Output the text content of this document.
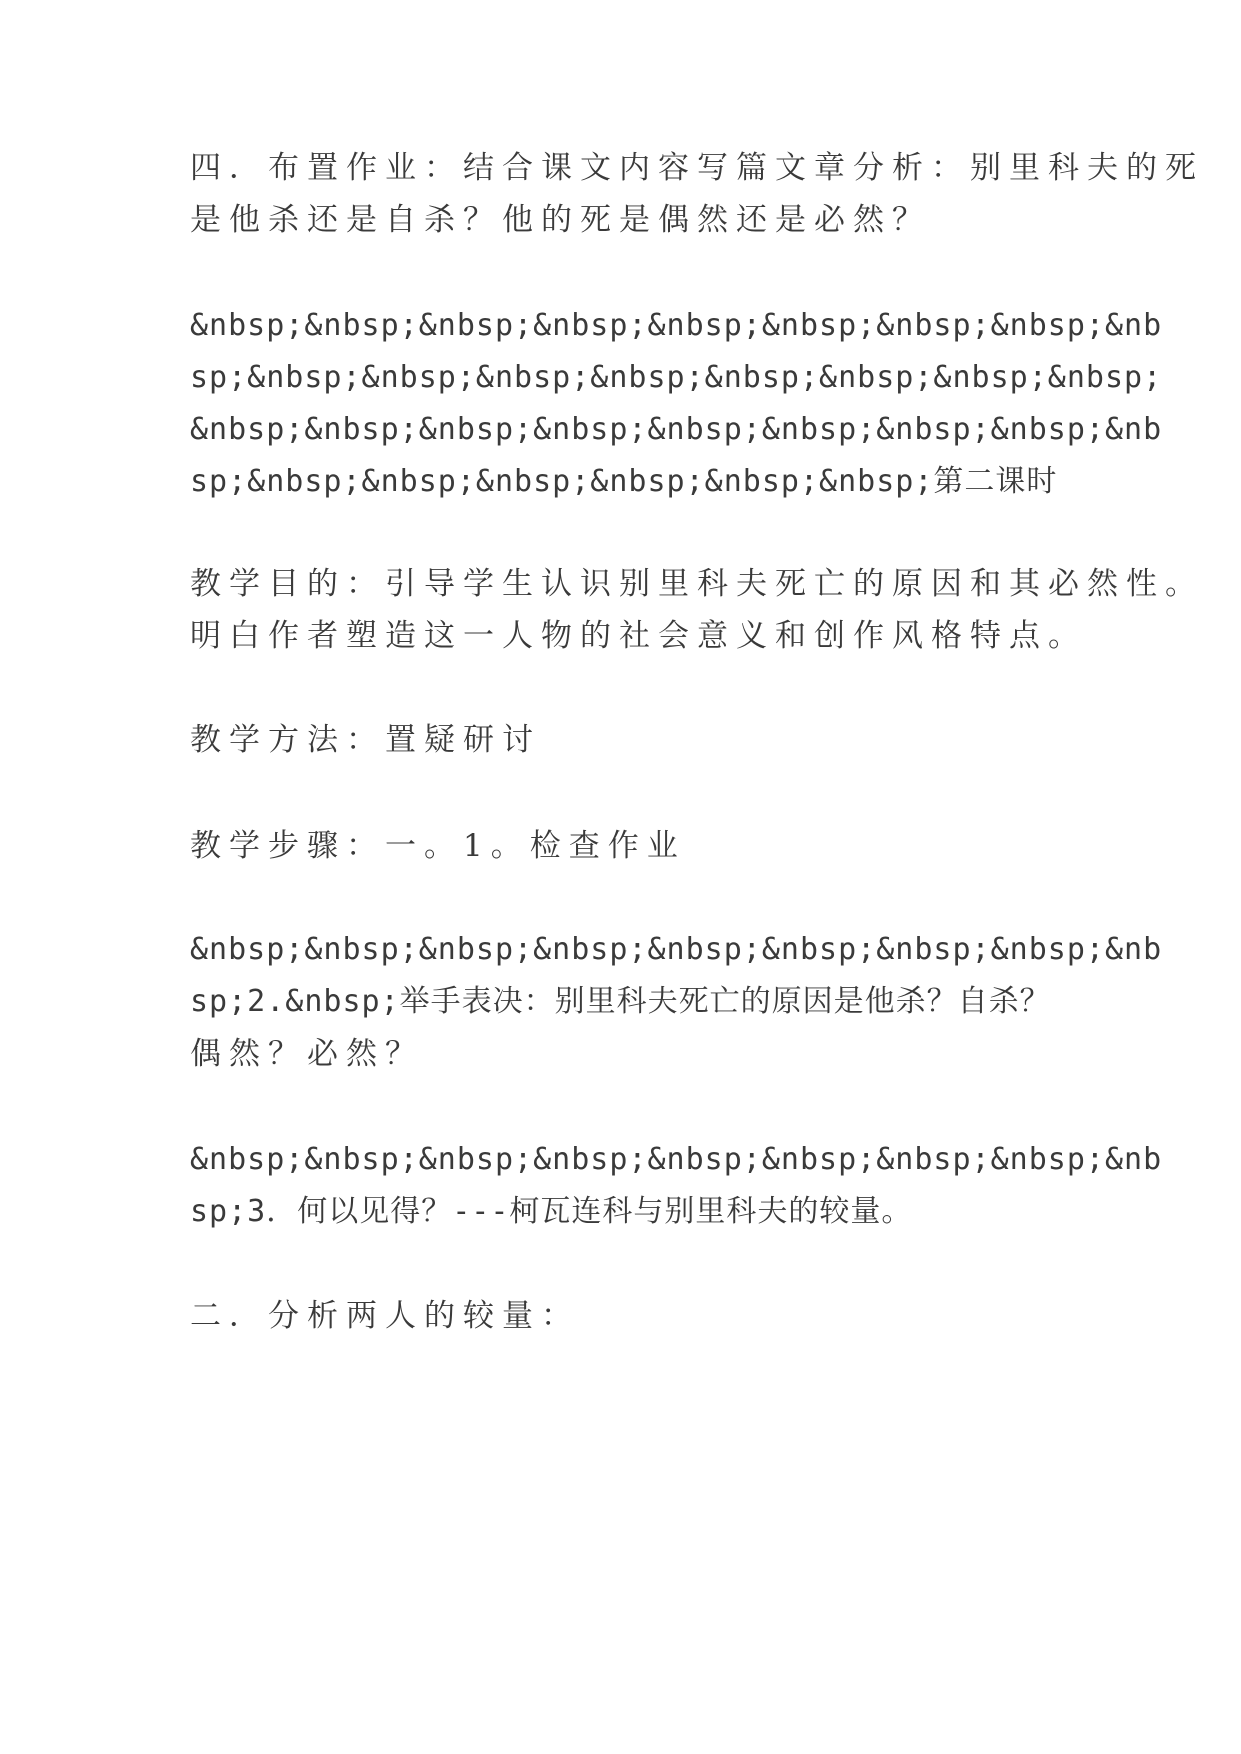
四．布置作业：结合课文内容写篇文章分析：别里科夫的死
是他杀还是自杀？他的死是偶然还是必然？
&nbsp;&nbsp;&nbsp;&nbsp;&nbsp;&nbsp;&nbsp;&nbsp;&nb
sp;&nbsp;&nbsp;&nbsp;&nbsp;&nbsp;&nbsp;&nbsp;&nbsp;
&nbsp;&nbsp;&nbsp;&nbsp;&nbsp;&nbsp;&nbsp;&nbsp;&nb
sp;&nbsp;&nbsp;&nbsp;&nbsp;&nbsp;&nbsp;第二课时
教学目的：引导学生认识别里科夫死亡的原因和其必然性。
明白作者塑造这一人物的社会意义和创作风格特点。
教学方法：置疑研讨
教学步骤：一。1。检查作业
&nbsp;&nbsp;&nbsp;&nbsp;&nbsp;&nbsp;&nbsp;&nbsp;&nb
sp;2.&nbsp;举手表决：别里科夫死亡的原因是他杀？自杀？
偶然？必然？
&nbsp;&nbsp;&nbsp;&nbsp;&nbsp;&nbsp;&nbsp;&nbsp;&nb
sp;3．何以见得？---柯瓦连科与别里科夫的较量。
二．分析两人的较量：
